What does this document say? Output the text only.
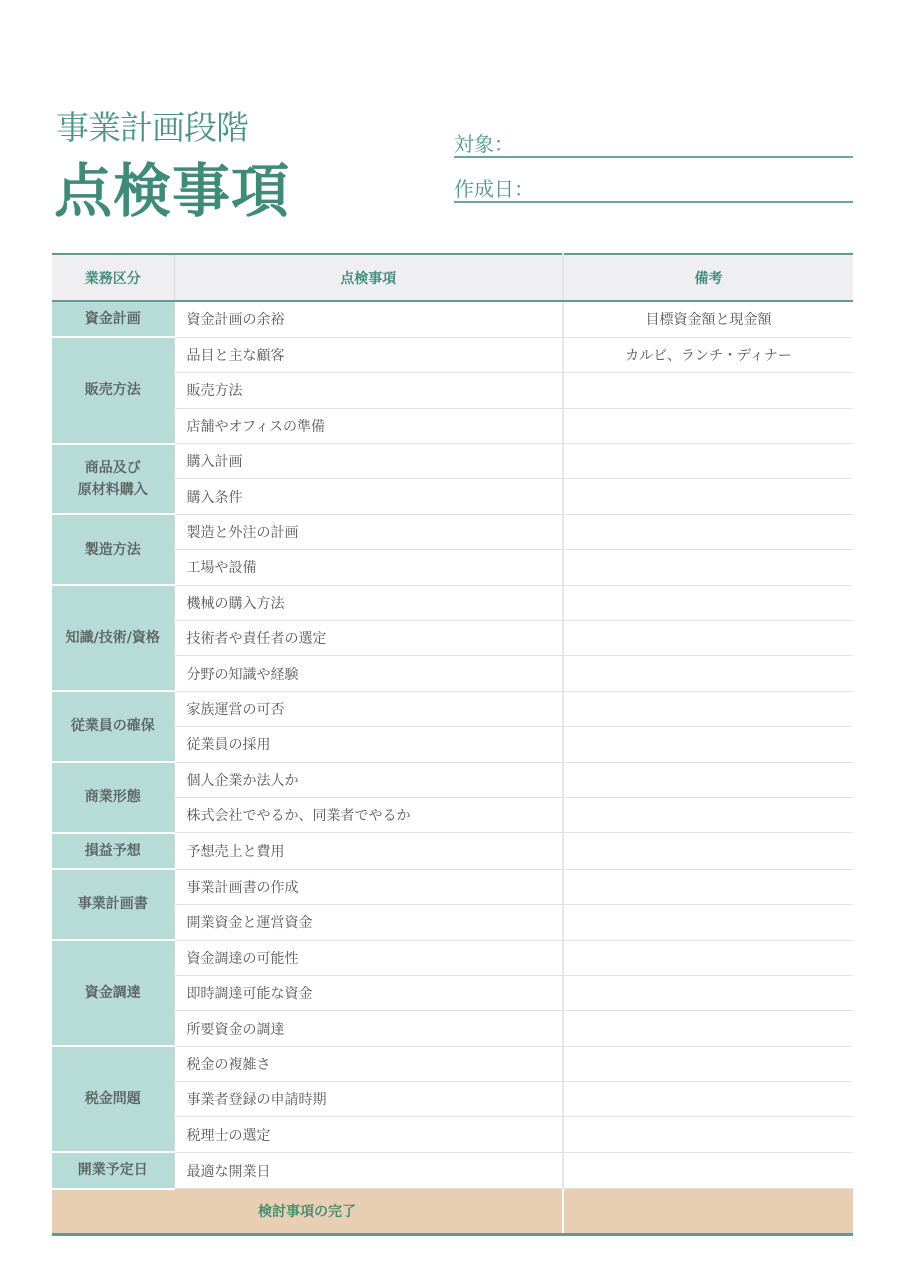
事業計画段階
点検事項
対象：
作成日：
業務区分	点検事項	備考
資金計画	資金計画の余裕	目標資金額と現金額
販売方法	品目と主な顧客	カルビ、ランチ・ディナー
	販売方法	
	店舗やオフィスの準備	
商品及び
原材料購入	購入計画	
	購入条件	
製造方法	製造と外注の計画	
	工場や設備	
知識/技術/資格	機械の購入方法	
	技術者や責任者の選定	
	分野の知識や経験	
従業員の確保	家族運営の可否	
	従業員の採用	
商業形態	個人企業か法人か	
	株式会社でやるか、同業者でやるか	
損益予想	予想売上と費用	
事業計画書	事業計画書の作成	
	開業資金と運営資金	
資金調達	資金調達の可能性	
	即時調達可能な資金	
	所要資金の調達	
税金問題	税金の複雑さ	
	事業者登録の申請時期	
	税理士の選定	
開業予定日	最適な開業日	
検討事項の完了		
